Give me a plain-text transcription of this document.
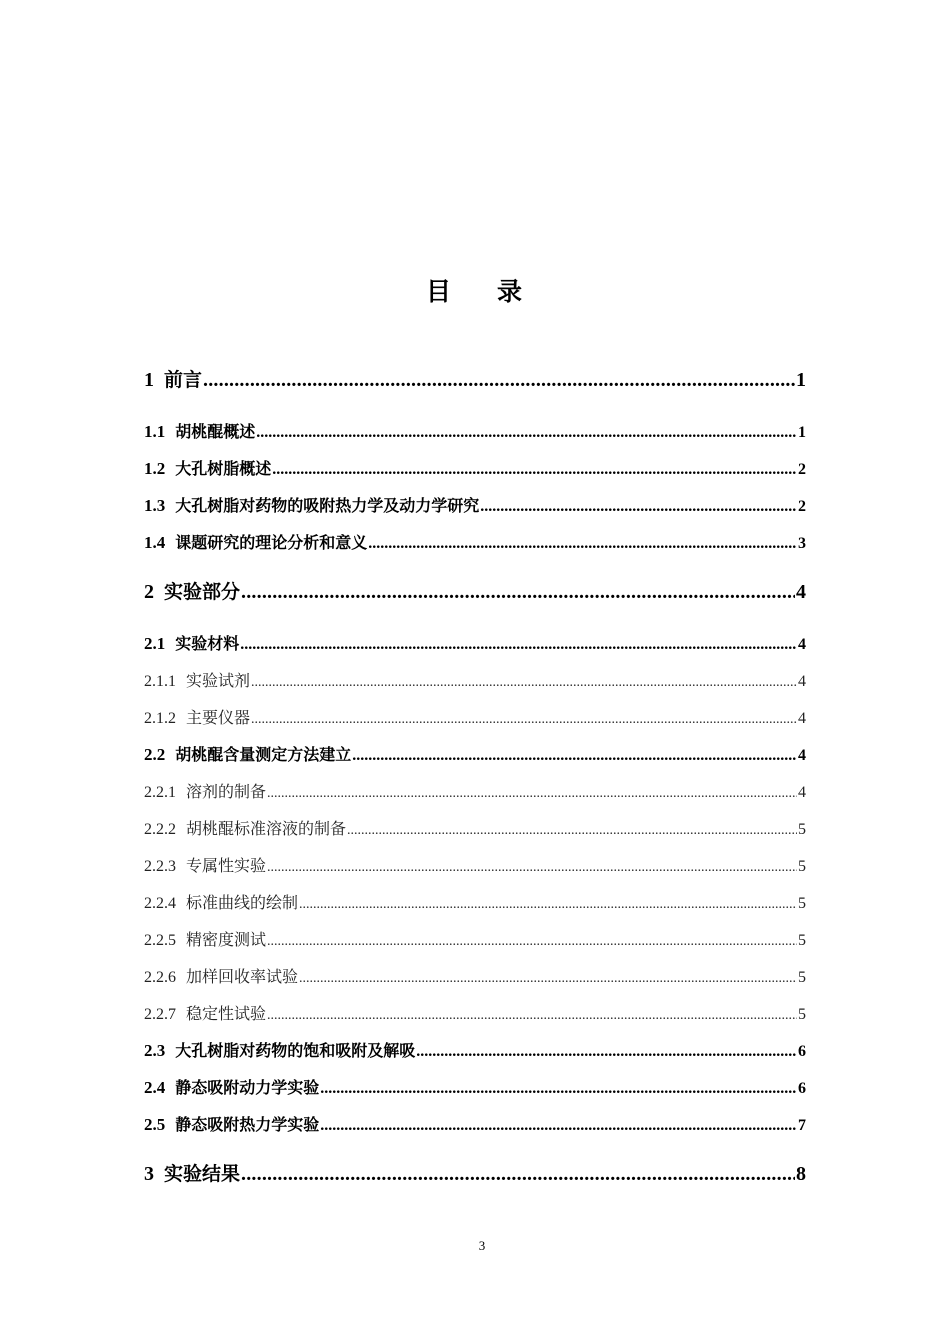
目 录
1 前言 .....	1
1.1 胡桃醌概述 .....	1
1.2 大孔树脂概述 .....	2
1.3 大孔树脂对药物的吸附热力学及动力学研究 .....	2
1.4 课题研究的理论分析和意义 .....	3
2 实验部分 .....	4
2.1 实验材料 .....	4
2.1.1 实验试剂 .....	4
2.1.2 主要仪器 .....	4
2.2 胡桃醌含量测定方法建立 .....	4
2.2.1 溶剂的制备 .....	4
2.2.2 胡桃醌标准溶液的制备 .....	5
2.2.3 专属性实验 .....	5
2.2.4 标准曲线的绘制 .....	5
2.2.5 精密度测试 .....	5
2.2.6 加样回收率试验 .....	5
2.2.7 稳定性试验 .....	5
2.3 大孔树脂对药物的饱和吸附及解吸 .....	6
2.4 静态吸附动力学实验 .....	6
2.5 静态吸附热力学实验 .....	7
3 实验结果 .....	8
3
